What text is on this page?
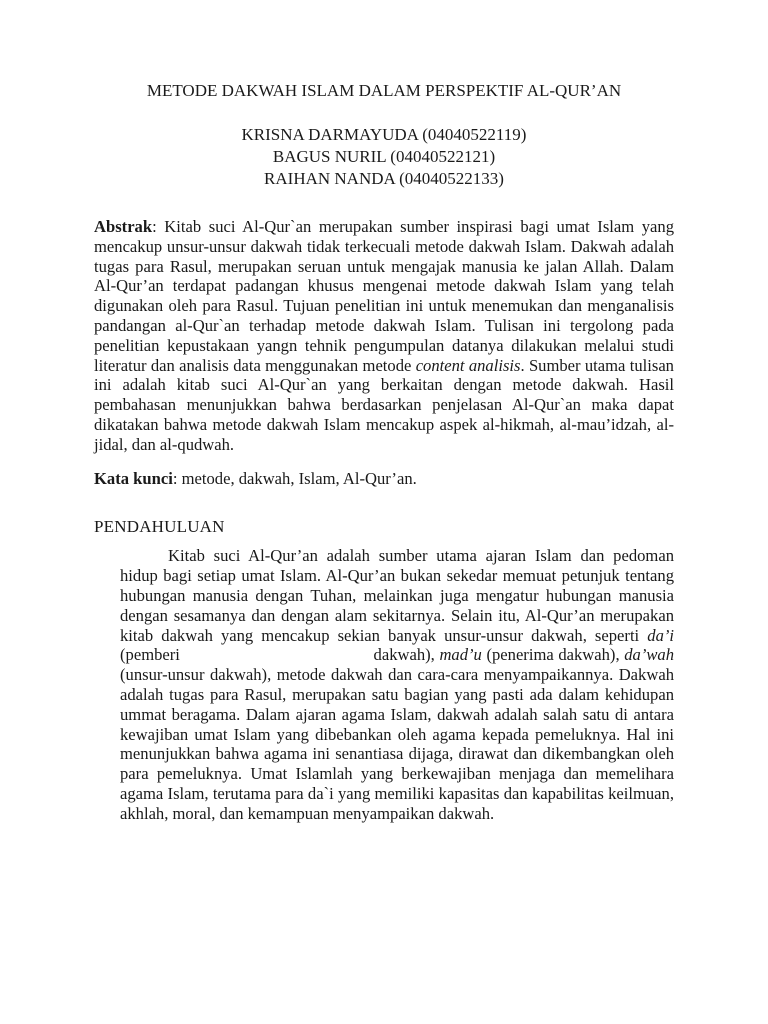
METODE DAKWAH ISLAM DALAM PERSPEKTIF AL-QUR’AN
KRISNA DARMAYUDA (04040522119)
BAGUS NURIL (04040522121)
RAIHAN NANDA (04040522133)

Abstrak: Kitab suci Al-Qur`an merupakan sumber inspirasi bagi umat Islam yang mencakup unsur-unsur dakwah tidak terkecuali metode dakwah Islam. Dakwah adalah tugas para Rasul, merupakan seruan untuk mengajak manusia ke jalan Allah. Dalam Al-Qur’an terdapat padangan khusus mengenai metode dakwah Islam yang telah digunakan oleh para Rasul. Tujuan penelitian ini untuk menemukan dan menganalisis pandangan al-Qur`an terhadap metode dakwah Islam. Tulisan ini tergolong pada penelitian kepustakaan yangn tehnik pengumpulan datanya dilakukan melalui studi literatur dan analisis data menggunakan metode content analisis. Sumber utama tulisan ini adalah kitab suci Al-Qur`an yang berkaitan dengan metode dakwah. Hasil pembahasan menunjukkan bahwa berdasarkan penjelasan Al-Qur`an maka dapat dikatakan bahwa metode dakwah Islam mencakup aspek al-hikmah, al-mau’idzah, al-jidal, dan al-qudwah.

Kata kunci: metode, dakwah, Islam, Al-Qur’an.

PENDAHULUAN

Kitab suci Al-Qur’an adalah sumber utama ajaran Islam dan pedoman hidup bagi setiap umat Islam. Al-Qur’an bukan sekedar memuat petunjuk tentang hubungan manusia dengan Tuhan, melainkan juga mengatur hubungan manusia dengan sesamanya dan dengan alam sekitarnya. Selain itu, Al-Qur’an merupakan kitab dakwah yang mencakup sekian banyak unsur-unsur dakwah, seperti da’i (pemberi                                          dakwah), mad’u (penerima dakwah), da’wah (unsur-unsur dakwah), metode dakwah dan cara-cara menyampaikannya. Dakwah adalah tugas para Rasul, merupakan satu bagian yang pasti ada dalam kehidupan ummat beragama. Dalam ajaran agama Islam, dakwah adalah salah satu di antara kewajiban umat Islam yang dibebankan oleh agama kepada pemeluknya. Hal ini menunjukkan bahwa agama ini senantiasa dijaga, dirawat dan dikembangkan oleh para pemeluknya. Umat Islamlah yang berkewajiban menjaga dan memelihara agama Islam, terutama para da`i yang memiliki kapasitas dan kapabilitas keilmuan, akhlah, moral, dan kemampuan menyampaikan dakwah.
